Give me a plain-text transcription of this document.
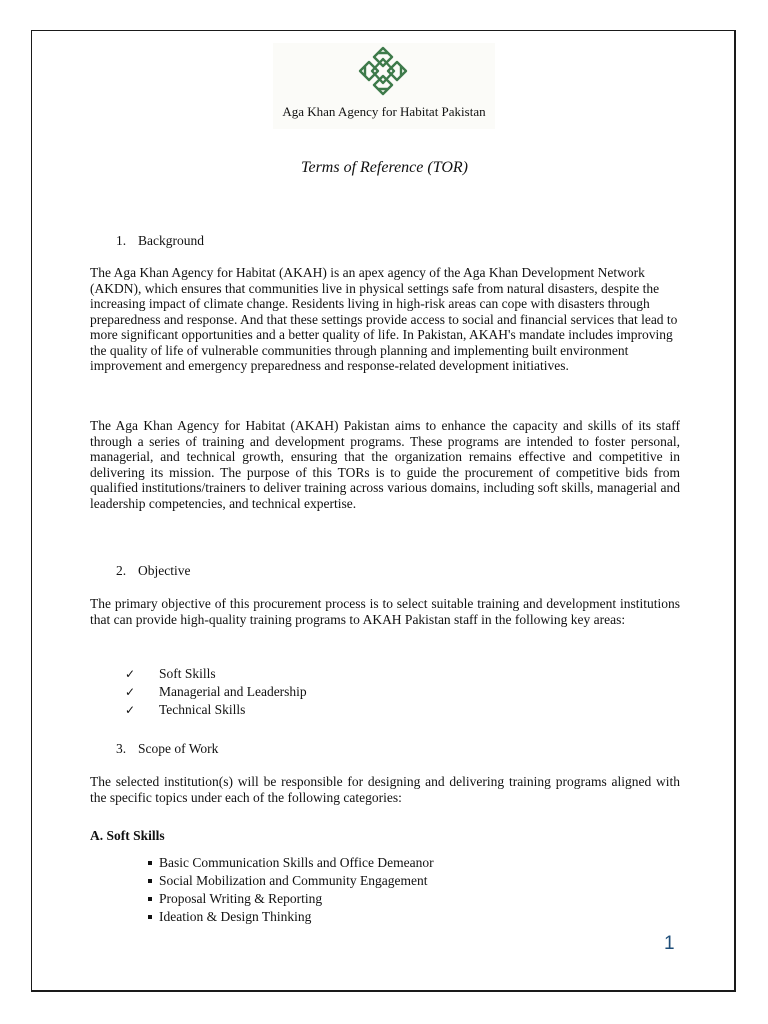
Aga Khan Agency for Habitat Pakistan
Terms of Reference (TOR)
1. Background

The Aga Khan Agency for Habitat (AKAH) is an apex agency of the Aga Khan Development Network (AKDN), which ensures that communities live in physical settings safe from natural disasters, despite the increasing impact of climate change. Residents living in high-risk areas can cope with disasters through preparedness and response. And that these settings provide access to social and financial services that lead to more significant opportunities and a better quality of life. In Pakistan, AKAH's mandate includes improving the quality of life of vulnerable communities through planning and implementing built environment improvement and emergency preparedness and response-related development initiatives.

The Aga Khan Agency for Habitat (AKAH) Pakistan aims to enhance the capacity and skills of its staff through a series of training and development programs. These programs are intended to foster personal, managerial, and technical growth, ensuring that the organization remains effective and competitive in delivering its mission. The purpose of this TORs is to guide the procurement of competitive bids from qualified institutions/trainers to deliver training across various domains, including soft skills, managerial and leadership competencies, and technical expertise.

2. Objective

The primary objective of this procurement process is to select suitable training and development institutions that can provide high-quality training programs to AKAH Pakistan staff in the following key areas:

✓	Soft Skills
✓	Managerial and Leadership
✓	Technical Skills
3. Scope of Work

The selected institution(s) will be responsible for designing and delivering training programs aligned with the specific topics under each of the following categories:

A. Soft Skills
Basic Communication Skills and Office Demeanor
Social Mobilization and Community Engagement
Proposal Writing & Reporting
Ideation & Design Thinking
1
